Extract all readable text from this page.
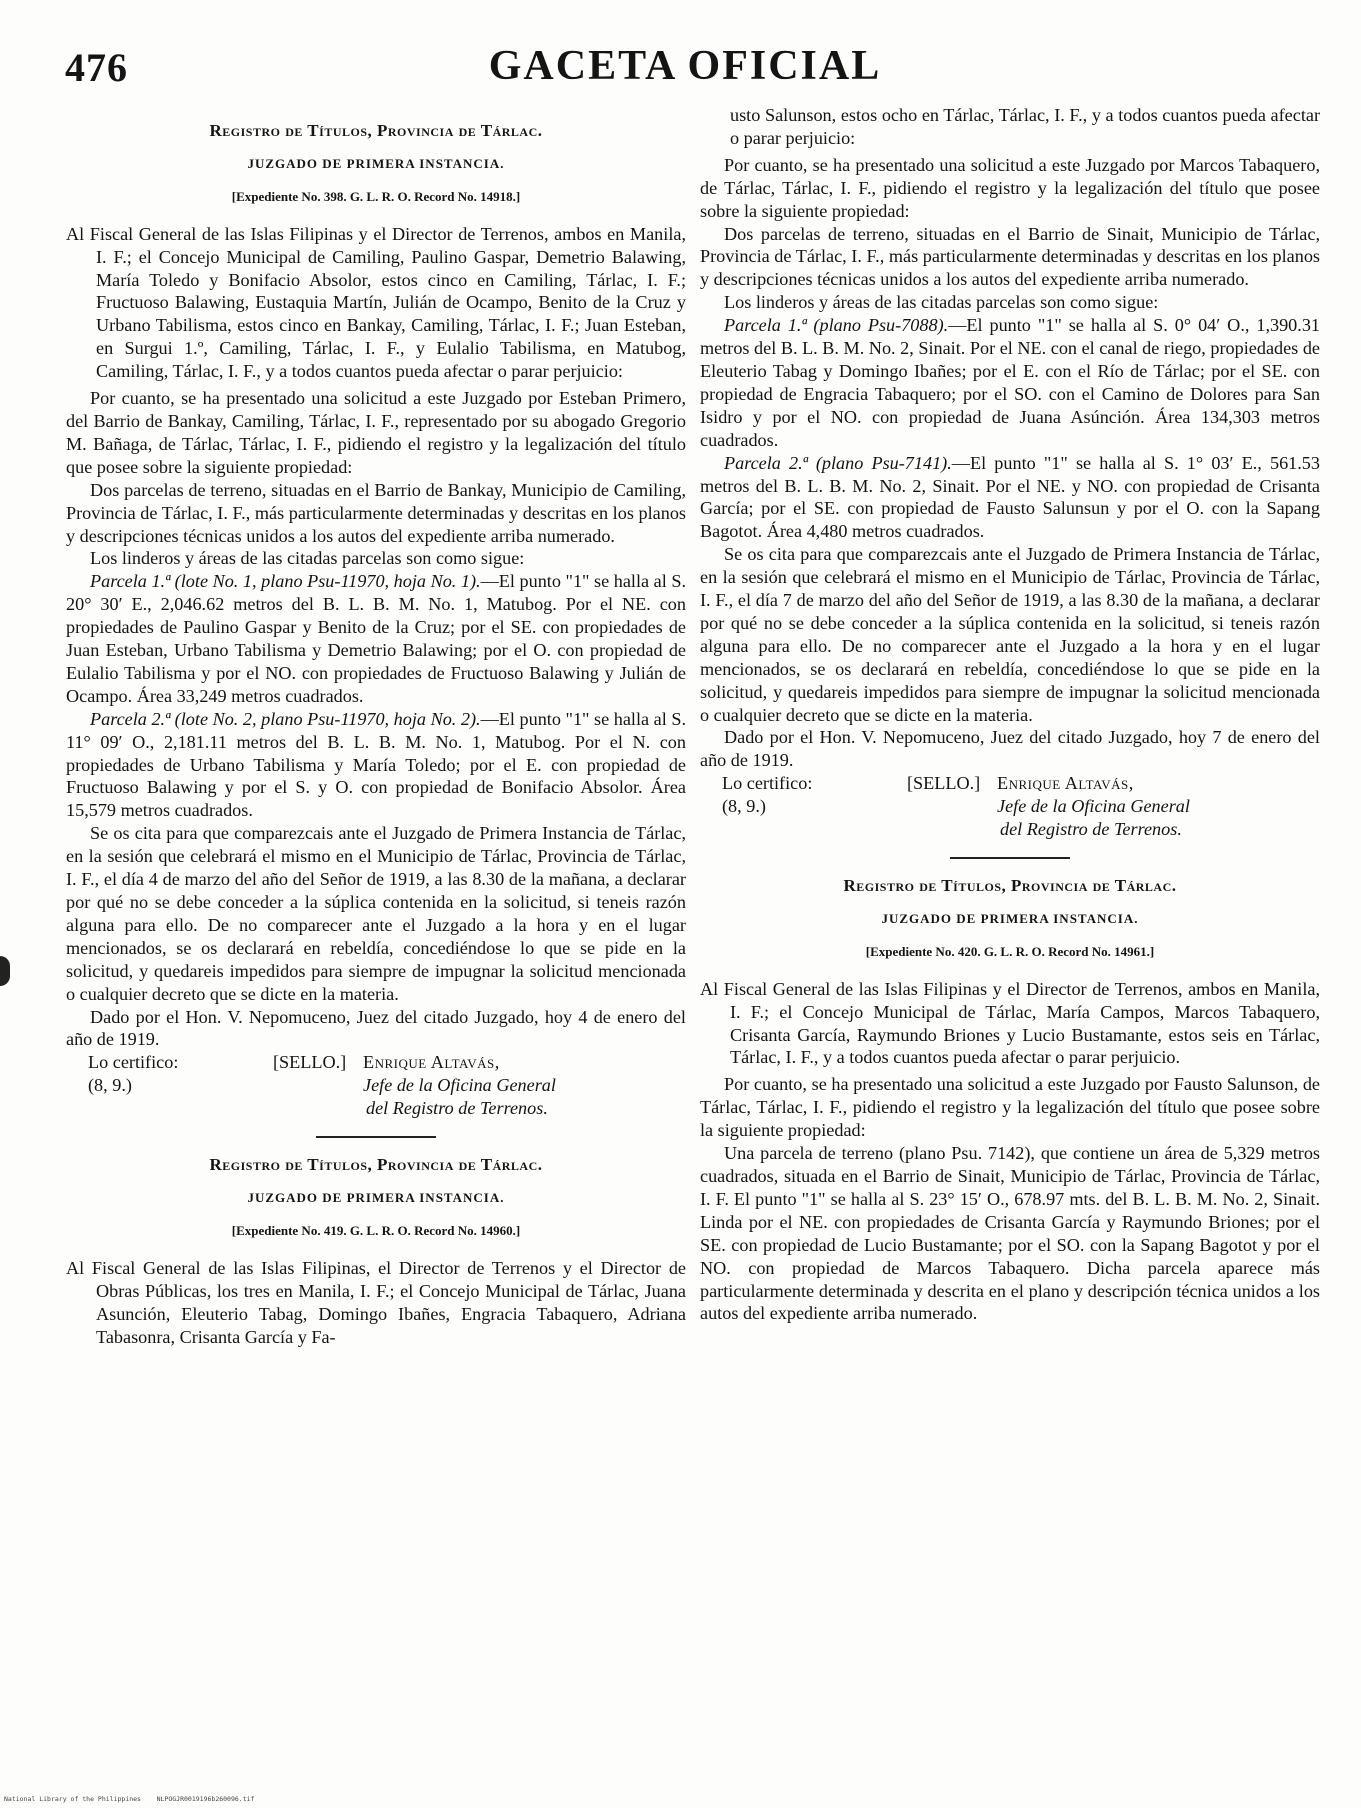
476	GACETA OFICIAL
Registro de Títulos, Provincia de Tárlac.
JUZGADO DE PRIMERA INSTANCIA.
[Expediente No. 398. G. L. R. O. Record No. 14918.]

Al Fiscal General de las Islas Filipinas y el Director de Terrenos, ambos en Manila, I. F.; el Concejo Municipal de Camiling, Paulino Gaspar, Demetrio Balawing, María Toledo y Bonifacio Absolor, estos cinco en Camiling, Tárlac, I. F.; Fructuoso Balawing, Eustaquia Martín, Julián de Ocampo, Benito de la Cruz y Urbano Tabilisma, estos cinco en Bankay, Camiling, Tárlac, I. F.; Juan Esteban, en Surgui 1.º, Camiling, Tárlac, I. F., y Eulalio Tabilisma, en Matubog, Camiling, Tárlac, I. F., y a todos cuantos pueda afectar o parar perjuicio:

Por cuanto, se ha presentado una solicitud a este Juzgado por Esteban Primero, del Barrio de Bankay, Camiling, Tárlac, I. F., representado por su abogado Gregorio M. Bañaga, de Tárlac, Tárlac, I. F., pidiendo el registro y la legalización del título que posee sobre la siguiente propiedad:

Dos parcelas de terreno, situadas en el Barrio de Bankay, Municipio de Camiling, Provincia de Tárlac, I. F., más particularmente determinadas y descritas en los planos y descripciones técnicas unidos a los autos del expediente arriba numerado.

Los linderos y áreas de las citadas parcelas son como sigue:

Parcela 1.ª (lote No. 1, plano Psu-11970, hoja No. 1).—El punto "1" se halla al S. 20° 30′ E., 2,046.62 metros del B. L. B. M. No. 1, Matubog. Por el NE. con propiedades de Paulino Gaspar y Benito de la Cruz; por el SE. con propiedades de Juan Esteban, Urbano Tabilisma y Demetrio Balawing; por el O. con propiedad de Eulalio Tabilisma y por el NO. con propiedades de Fructuoso Balawing y Julián de Ocampo. Área 33,249 metros cuadrados.

Parcela 2.ª (lote No. 2, plano Psu-11970, hoja No. 2).—El punto "1" se halla al S. 11° 09′ O., 2,181.11 metros del B. L. B. M. No. 1, Matubog. Por el N. con propiedades de Urbano Tabilisma y María Toledo; por el E. con propiedad de Fructuoso Balawing y por el S. y O. con propiedad de Bonifacio Absolor. Área 15,579 metros cuadrados.

Se os cita para que comparezcais ante el Juzgado de Primera Instancia de Tárlac, en la sesión que celebrará el mismo en el Municipio de Tárlac, Provincia de Tárlac, I. F., el día 4 de marzo del año del Señor de 1919, a las 8.30 de la mañana, a declarar por qué no se debe conceder a la súplica contenida en la solicitud, si teneis razón alguna para ello. De no comparecer ante el Juzgado a la hora y en el lugar mencionados, se os declarará en rebeldía, concediéndose lo que se pide en la solicitud, y quedareis impedidos para siempre de impugnar la solicitud mencionada o cualquier decreto que se dicte en la materia.

Dado por el Hon. V. Nepomuceno, Juez del citado Juzgado, hoy 4 de enero del año de 1919.

Lo certifico:	[SELLO.] Enrique Altavás,
(8, 9.)	Jefe de la Oficina General
del Registro de Terrenos.
Registro de Títulos, Provincia de Tárlac.
JUZGADO DE PRIMERA INSTANCIA.
[Expediente No. 419. G. L. R. O. Record No. 14960.]

Al Fiscal General de las Islas Filipinas, el Director de Terrenos y el Director de Obras Públicas, los tres en Manila, I. F.; el Concejo Municipal de Tárlac, Juana Asunción, Eleuterio Tabag, Domingo Ibañes, Engracia Tabaquero, Adriana Tabasonra, Crisanta García y Fa-

usto Salunson, estos ocho en Tárlac, Tárlac, I. F., y a todos cuantos pueda afectar o parar perjuicio:

Por cuanto, se ha presentado una solicitud a este Juzgado por Marcos Tabaquero, de Tárlac, Tárlac, I. F., pidiendo el registro y la legalización del título que posee sobre la siguiente propiedad:

Dos parcelas de terreno, situadas en el Barrio de Sinait, Municipio de Tárlac, Provincia de Tárlac, I. F., más particularmente determinadas y descritas en los planos y descripciones técnicas unidos a los autos del expediente arriba numerado.

Los linderos y áreas de las citadas parcelas son como sigue:

Parcela 1.ª (plano Psu-7088).—El punto "1" se halla al S. 0° 04′ O., 1,390.31 metros del B. L. B. M. No. 2, Sinait. Por el NE. con el canal de riego, propiedades de Eleuterio Tabag y Domingo Ibañes; por el E. con el Río de Tárlac; por el SE. con propiedad de Engracia Tabaquero; por el SO. con el Camino de Dolores para San Isidro y por el NO. con propiedad de Juana Asúnción. Área 134,303 metros cuadrados.

Parcela 2.ª (plano Psu-7141).—El punto "1" se halla al S. 1° 03′ E., 561.53 metros del B. L. B. M. No. 2, Sinait. Por el NE. y NO. con propiedad de Crisanta García; por el SE. con propiedad de Fausto Salunsun y por el O. con la Sapang Bagotot. Área 4,480 metros cuadrados.

Se os cita para que comparezcais ante el Juzgado de Primera Instancia de Tárlac, en la sesión que celebrará el mismo en el Municipio de Tárlac, Provincia de Tárlac, I. F., el día 7 de marzo del año del Señor de 1919, a las 8.30 de la mañana, a declarar por qué no se debe conceder a la súplica contenida en la solicitud, si teneis razón alguna para ello. De no comparecer ante el Juzgado a la hora y en el lugar mencionados, se os declarará en rebeldía, concediéndose lo que se pide en la solicitud, y quedareis impedidos para siempre de impugnar la solicitud mencionada o cualquier decreto que se dicte en la materia.

Dado por el Hon. V. Nepomuceno, Juez del citado Juzgado, hoy 7 de enero del año de 1919.

Lo certifico:	[SELLO.] Enrique Altavás,
(8, 9.)	Jefe de la Oficina General
del Registro de Terrenos.
Registro de Títulos, Provincia de Tárlac.
JUZGADO DE PRIMERA INSTANCIA.
[Expediente No. 420. G. L. R. O. Record No. 14961.]

Al Fiscal General de las Islas Filipinas y el Director de Terrenos, ambos en Manila, I. F.; el Concejo Municipal de Tárlac, María Campos, Marcos Tabaquero, Crisanta García, Raymundo Briones y Lucio Bustamante, estos seis en Tárlac, Tárlac, I. F., y a todos cuantos pueda afectar o parar perjuicio.

Por cuanto, se ha presentado una solicitud a este Juzgado por Fausto Salunson, de Tárlac, Tárlac, I. F., pidiendo el registro y la legalización del título que posee sobre la siguiente propiedad:

Una parcela de terreno (plano Psu. 7142), que contiene un área de 5,329 metros cuadrados, situada en el Barrio de Sinait, Municipio de Tárlac, Provincia de Tárlac, I. F. El punto "1" se halla al S. 23° 15′ O., 678.97 mts. del B. L. B. M. No. 2, Sinait. Linda por el NE. con propiedades de Crisanta García y Raymundo Briones; por el SE. con propiedad de Lucio Bustamante; por el SO. con la Sapang Bagotot y por el NO. con propiedad de Marcos Tabaquero. Dicha parcela aparece más particularmente determinada y descrita en el plano y descripción técnica unidos a los autos del expediente arriba numerado.

National Library of the Philippines    NLPOGJR0019196b260096.tif
